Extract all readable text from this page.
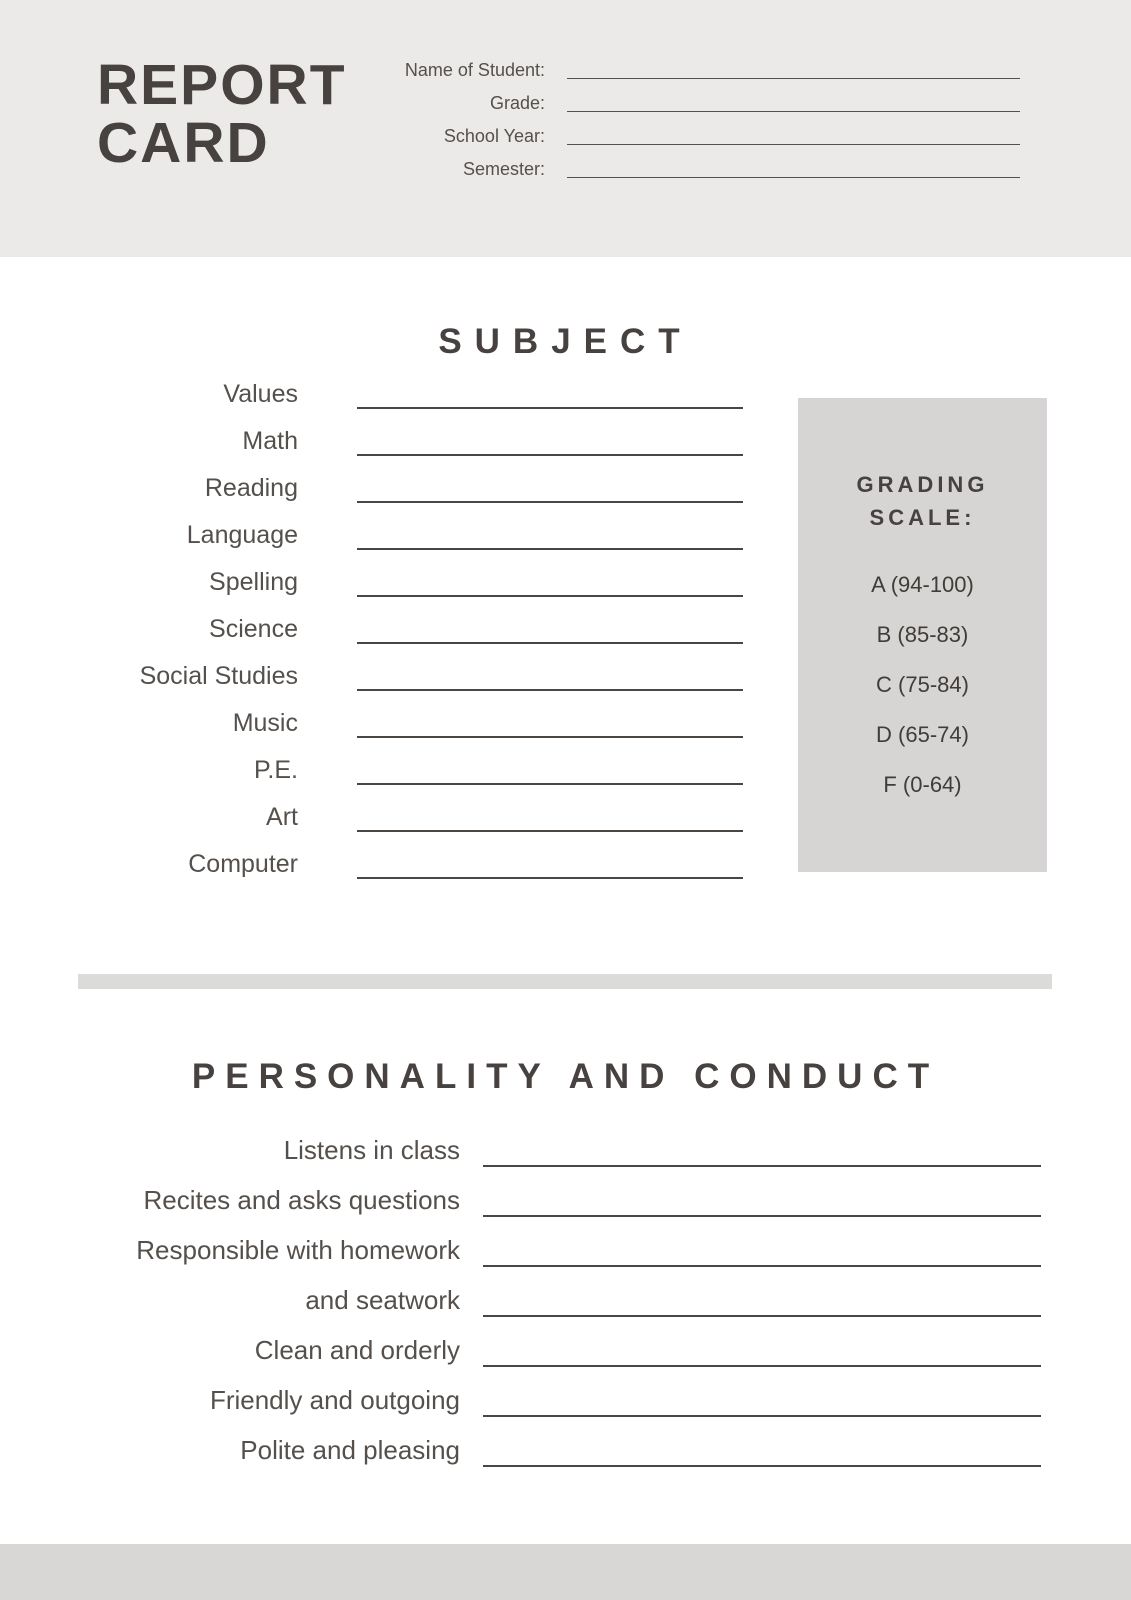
REPORT
CARD
Name of Student:
Grade:
School Year:
Semester:
SUBJECT
Values
Math
Reading
Language
Spelling
Science
Social Studies
Music
P.E.
Art
Computer
GRADING
SCALE:
A (94-100)
B (85-83)
C (75-84)
D (65-74)
F (0-64)
PERSONALITY AND CONDUCT
Listens in class
Recites and asks questions
Responsible with homework
and seatwork
Clean and orderly
Friendly and outgoing
Polite and pleasing
